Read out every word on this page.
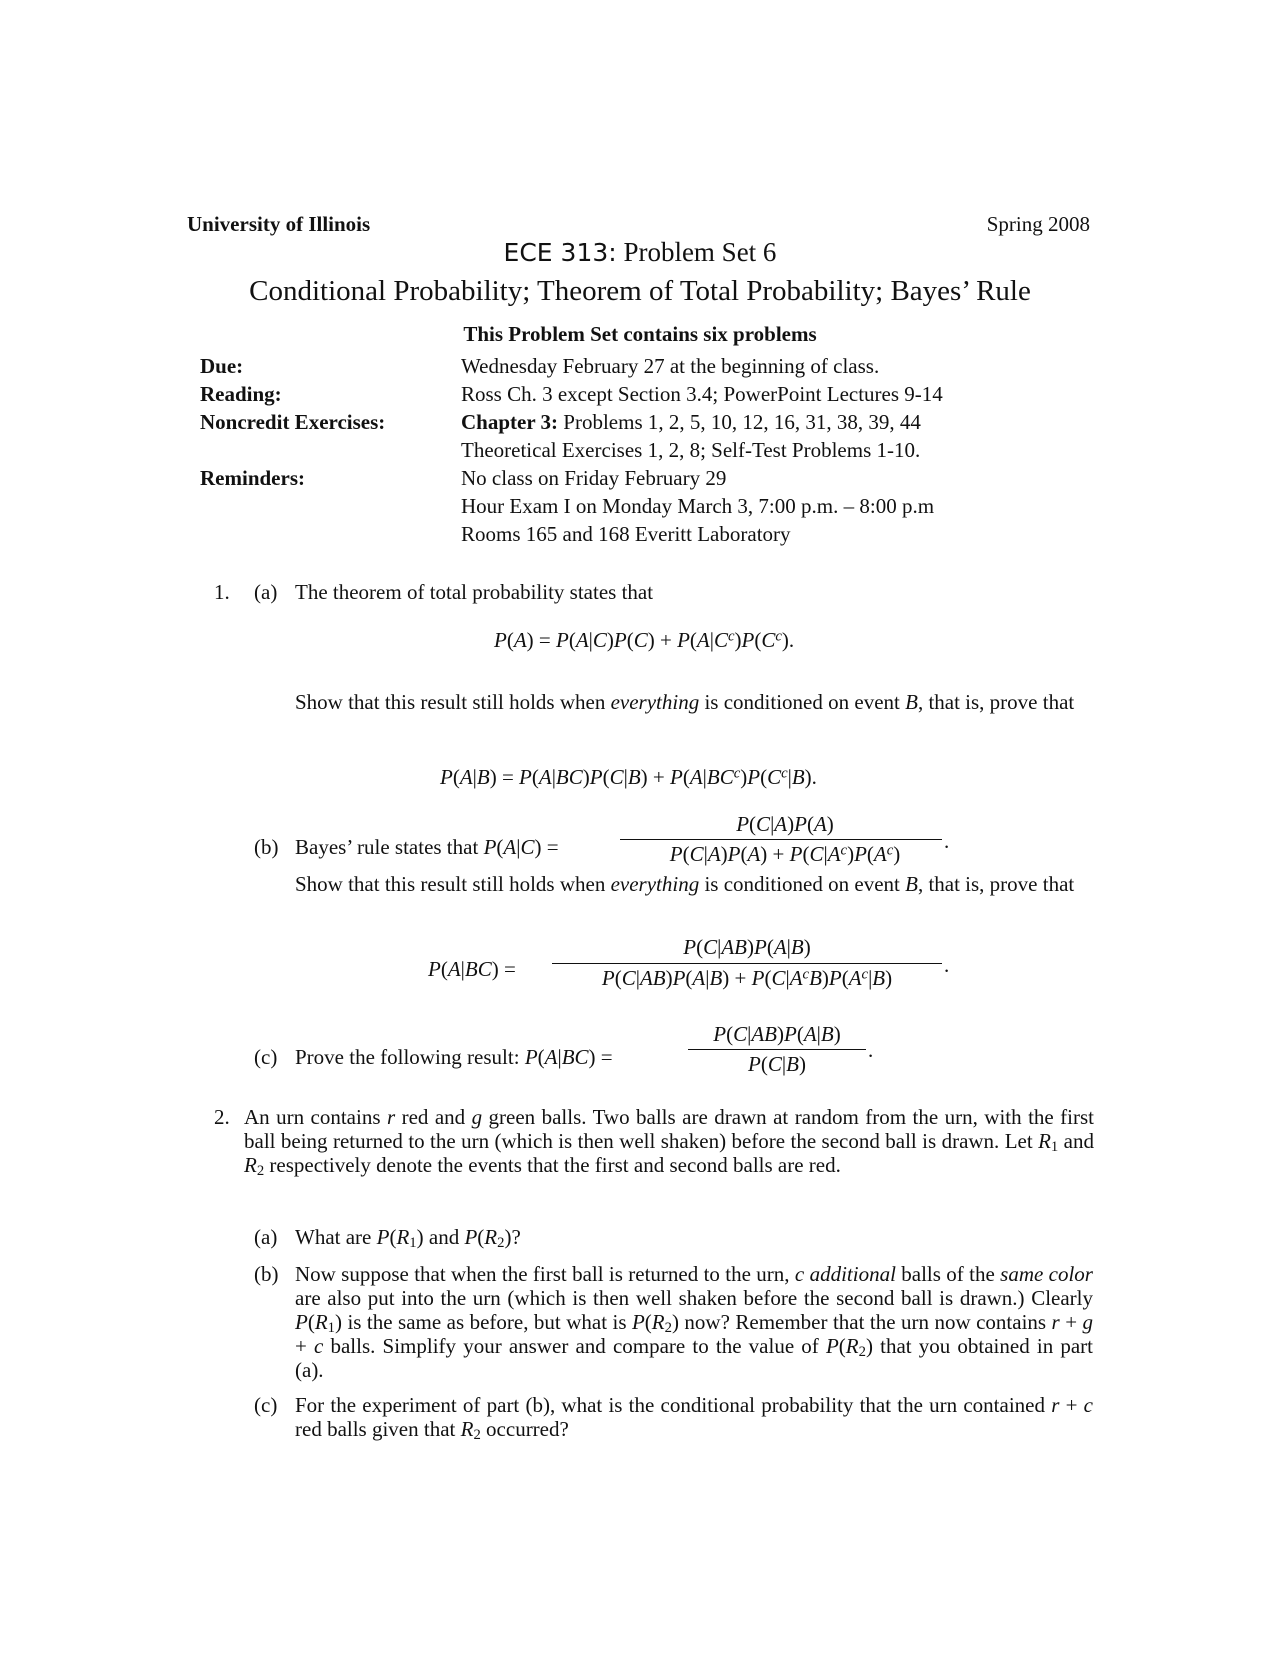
University of Illinois	Spring 2008
ECE 313: Problem Set 6
Conditional Probability; Theorem of Total Probability; Bayes’ Rule
This Problem Set contains six problems
Due:	Wednesday February 27 at the beginning of class.
Reading:	Ross Ch. 3 except Section 3.4; PowerPoint Lectures 9-14
Noncredit Exercises:	Chapter 3: Problems 1, 2, 5, 10, 12, 16, 31, 38, 39, 44
Theoretical Exercises 1, 2, 8; Self-Test Problems 1-10.
Reminders:	No class on Friday February 29
Hour Exam I on Monday March 3, 7:00 p.m. – 8:00 p.m
Rooms 165 and 168 Everitt Laboratory
1. (a) The theorem of total probability states that
$P(A) = P(A|C)P(C) + P(A|C^c)P(C^c)$.
Show that this result still holds when everything is conditioned on event B, that is, prove that
$P(A|B) = P(A|BC)P(C|B) + P(A|BC^c)P(C^c|B)$.
(b) Bayes’ rule states that P(A|C) =
P(C|A)P(A)
$P(C|A)P(A) + P(C|A^c)P(A^c)$
.
Show that this result still holds when everything is conditioned on event B, that is, prove that
P(A|BC) =
P(C|AB)P(A|B)
$P(C|AB)P(A|B) + P(C|A^cB)P(A^c|B)$
.
(c) Prove the following result: P(A|BC) =
P(C|AB)P(A|B)
P(C|B)
.
2. An urn contains r red and g green balls. Two balls are drawn at random from the urn, with the first ball being returned to the urn (which is then well shaken) before the second ball is drawn. Let $R_1$ and $R_2$ respectively denote the events that the first and second balls are red.
(a) What are $P(R_1)$ and $P(R_2)$?
(b) Now suppose that when the first ball is returned to the urn, c additional balls of the same color are also put into the urn (which is then well shaken before the second ball is drawn.) Clearly $P(R_1)$ is the same as before, but what is $P(R_2)$ now? Remember that the urn now contains r + g + c balls. Simplify your answer and compare to the value of $P(R_2)$ that you obtained in part (a).
(c) For the experiment of part (b), what is the conditional probability that the urn contained r + c red balls given that $R_2$ occurred?
